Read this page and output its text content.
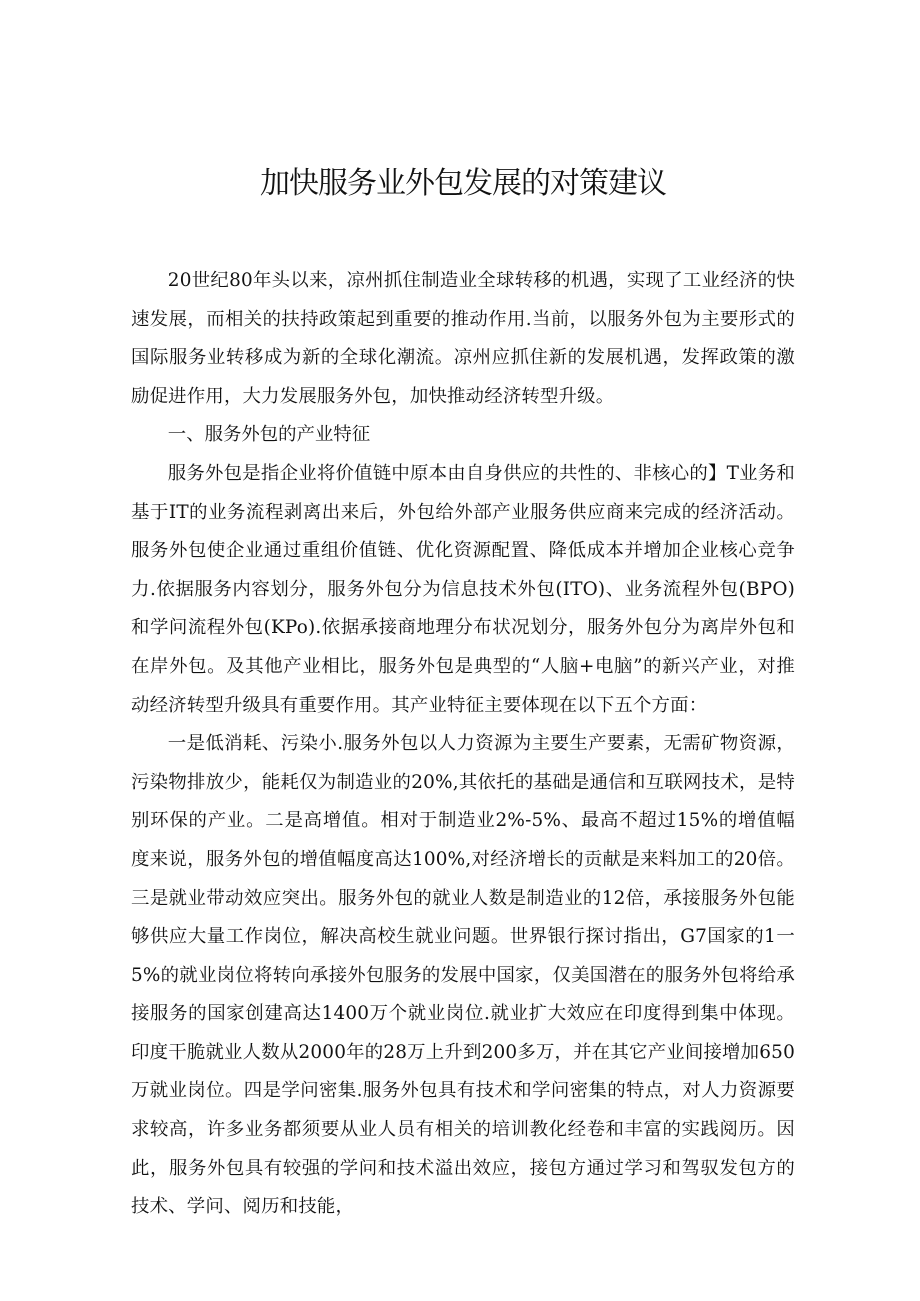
加快服务业外包发展的对策建议

20世纪80年头以来，凉州抓住制造业全球转移的机遇，实现了工业经济的快速发展，而相关的扶持政策起到重要的推动作用.当前，以服务外包为主要形式的国际服务业转移成为新的全球化潮流。凉州应抓住新的发展机遇，发挥政策的激励促进作用，大力发展服务外包，加快推动经济转型升级。

一、服务外包的产业特征

服务外包是指企业将价值链中原本由自身供应的共性的、非核心的】T业务和基于IT的业务流程剥离出来后，外包给外部产业服务供应商来完成的经济活动。服务外包使企业通过重组价值链、优化资源配置、降低成本并增加企业核心竞争力.依据服务内容划分，服务外包分为信息技术外包(ITO)、业务流程外包(BPO)和学问流程外包(KPo).依据承接商地理分布状况划分，服务外包分为离岸外包和在岸外包。及其他产业相比，服务外包是典型的“人脑+电脑”的新兴产业，对推动经济转型升级具有重要作用。其产业特征主要体现在以下五个方面：

一是低消耗、污染小.服务外包以人力资源为主要生产要素，无需矿物资源，污染物排放少，能耗仅为制造业的20%,其依托的基础是通信和互联网技术，是特别环保的产业。二是高增值。相对于制造业2%-5%、最高不超过15%的增值幅度来说，服务外包的增值幅度高达100%,对经济增长的贡献是来料加工的20倍。三是就业带动效应突出。服务外包的就业人数是制造业的12倍，承接服务外包能够供应大量工作岗位，解决高校生就业问题。世界银行探讨指出，G7国家的1一5%的就业岗位将转向承接外包服务的发展中国家，仅美国潜在的服务外包将给承接服务的国家创建高达1400万个就业岗位.就业扩大效应在印度得到集中体现。印度干脆就业人数从2000年的28万上升到200多万，并在其它产业间接增加650万就业岗位。四是学问密集.服务外包具有技术和学问密集的特点，对人力资源要求较高，许多业务都须要从业人员有相关的培训教化经卷和丰富的实践阅历。因此，服务外包具有较强的学问和技术溢出效应，接包方通过学习和驾驭发包方的技术、学问、阅历和技能，
